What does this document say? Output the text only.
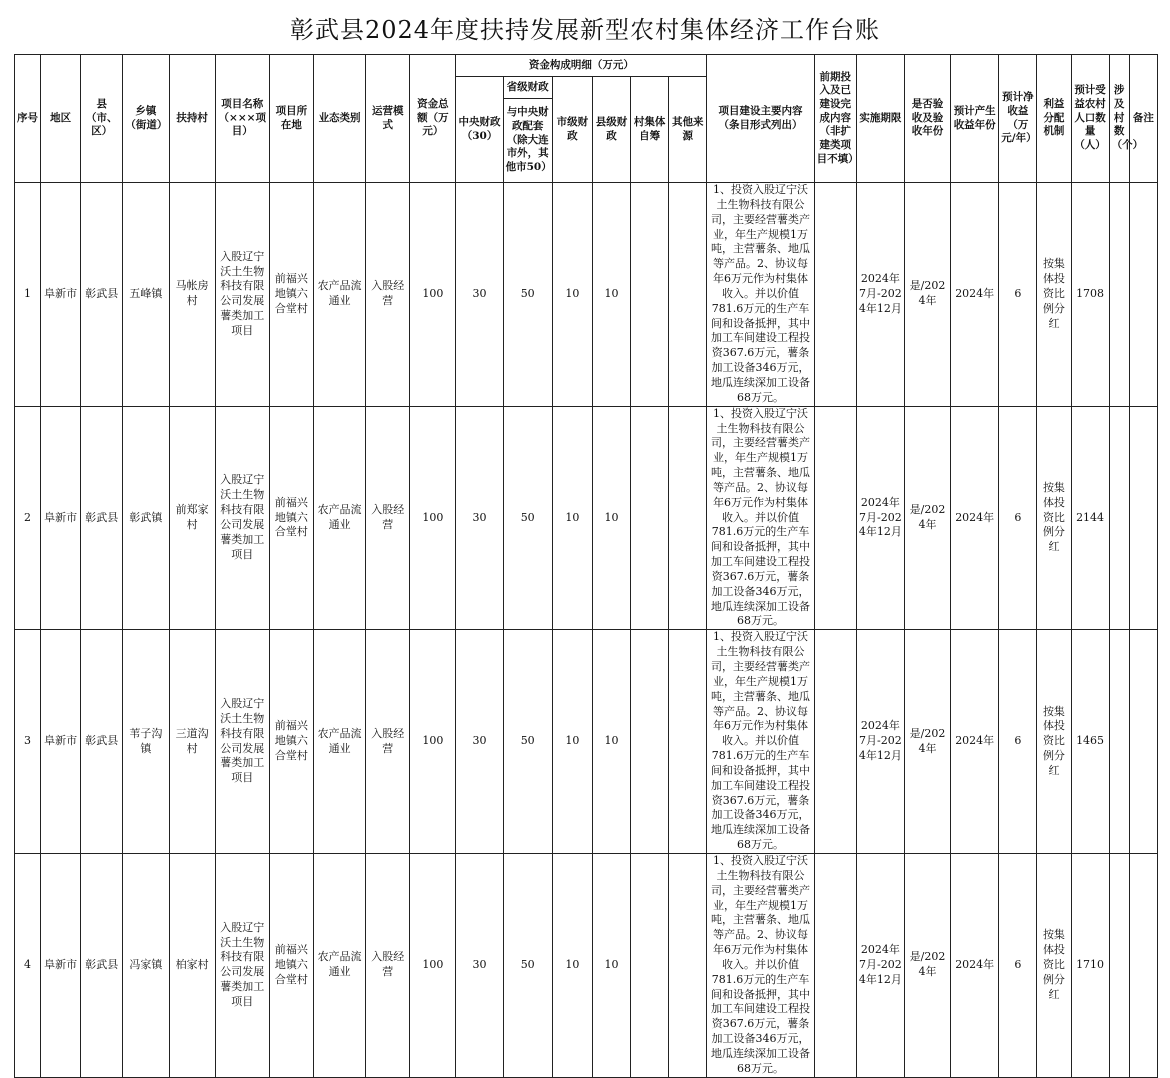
彰武县2024年度扶持发展新型农村集体经济工作台账
序号	地区	县（市、区）	乡镇（街道）	扶持村	项目名称（×××项目）	项目所在地	业态类别	运营模式	资金总额（万元）	资金构成明细（万元）						项目建设主要内容（条目形式列出）	前期投入及已建设完成内容（非扩建类项目不填）	实施期限	是否验收及验收年份	预计产生收益年份	预计净收益（万元/年）	利益分配机制	预计受益农村人口数量（人）	涉及村数（个）	备注
										中央财政（30）	省级财政	市级财政	县级财政	村集体自筹	其他来源										
											与中央财政配套（除大连市外，其他市50）														
1	阜新市	彰武县	五峰镇	马帐房村	入股辽宁沃土生物科技有限公司发展薯类加工项目	前福兴地镇六合堂村	农产品流通业	入股经营	100	30	50	10	10			1、投资入股辽宁沃土生物科技有限公司，主要经营薯类产业，年生产规模1万吨，主营薯条、地瓜等产品。2、协议每年6万元作为村集体收入。并以价值781.6万元的生产车间和设备抵押，其中加工车间建设工程投资367.6万元，薯条加工设备346万元，地瓜连续深加工设备68万元。		2024年7月-2024年12月	是/2024年	2024年	6	按集体投资比例分红	1708		
2	阜新市	彰武县	彰武镇	前郑家村	入股辽宁沃土生物科技有限公司发展薯类加工项目	前福兴地镇六合堂村	农产品流通业	入股经营	100	30	50	10	10			1、投资入股辽宁沃土生物科技有限公司，主要经营薯类产业，年生产规模1万吨，主营薯条、地瓜等产品。2、协议每年6万元作为村集体收入。并以价值781.6万元的生产车间和设备抵押，其中加工车间建设工程投资367.6万元，薯条加工设备346万元，地瓜连续深加工设备68万元。		2024年7月-2024年12月	是/2024年	2024年	6	按集体投资比例分红	2144		
3	阜新市	彰武县	苇子沟镇	三道沟村	入股辽宁沃土生物科技有限公司发展薯类加工项目	前福兴地镇六合堂村	农产品流通业	入股经营	100	30	50	10	10			1、投资入股辽宁沃土生物科技有限公司，主要经营薯类产业，年生产规模1万吨，主营薯条、地瓜等产品。2、协议每年6万元作为村集体收入。并以价值781.6万元的生产车间和设备抵押，其中加工车间建设工程投资367.6万元，薯条加工设备346万元，地瓜连续深加工设备68万元。		2024年7月-2024年12月	是/2024年	2024年	6	按集体投资比例分红	1465		
4	阜新市	彰武县	冯家镇	柏家村	入股辽宁沃土生物科技有限公司发展薯类加工项目	前福兴地镇六合堂村	农产品流通业	入股经营	100	30	50	10	10			1、投资入股辽宁沃土生物科技有限公司，主要经营薯类产业，年生产规模1万吨，主营薯条、地瓜等产品。2、协议每年6万元作为村集体收入。并以价值781.6万元的生产车间和设备抵押，其中加工车间建设工程投资367.6万元，薯条加工设备346万元，地瓜连续深加工设备68万元。		2024年7月-2024年12月	是/2024年	2024年	6	按集体投资比例分红	1710		
